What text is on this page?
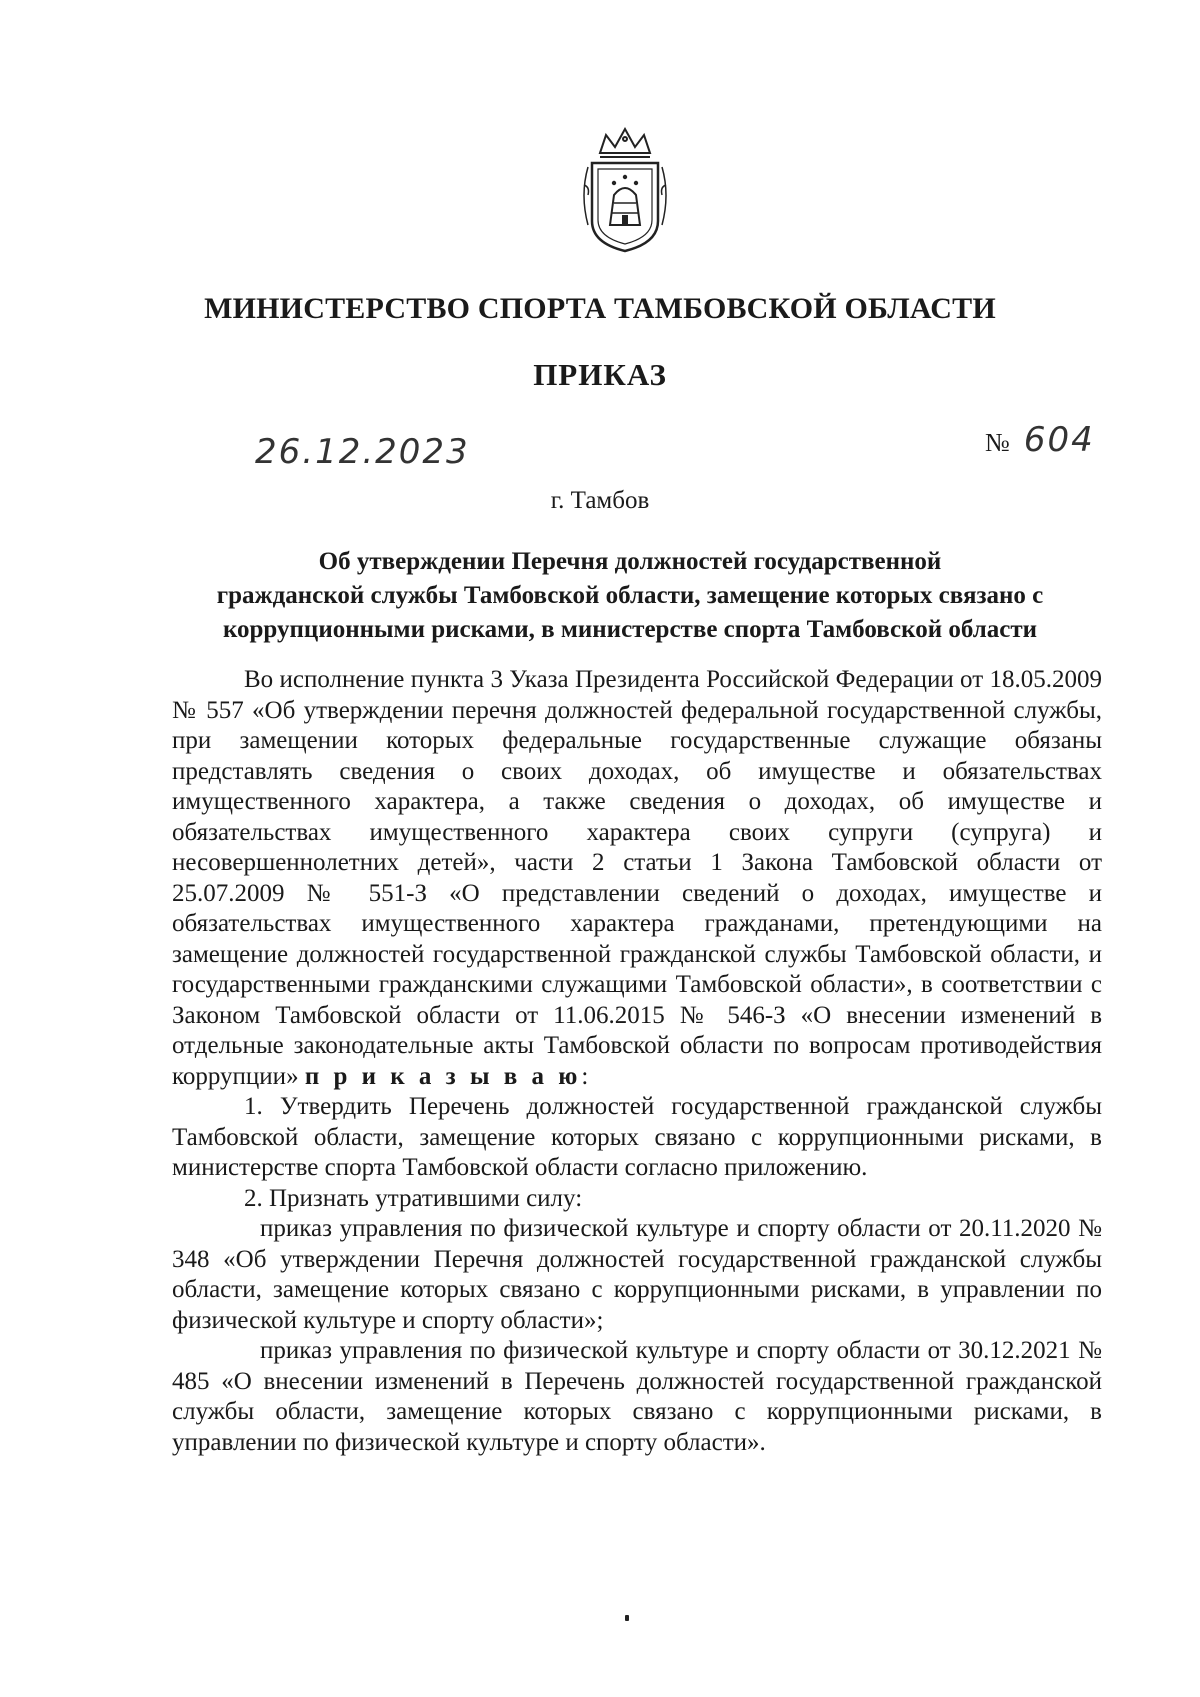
МИНИСТЕРСТВО СПОРТА ТАМБОВСКОЙ ОБЛАСТИ
ПРИКАЗ
26.12.2023	№ 604
г. Тамбов
Об утверждении Перечня должностей государственной
гражданской службы Тамбовской области, замещение которых связано с
коррупционными рисками, в министерстве спорта Тамбовской области

Во исполнение пункта 3 Указа Президента Российской Федерации от 18.05.2009 № 557 «Об утверждении перечня должностей федеральной государственной службы, при замещении которых федеральные государственные служащие обязаны представлять сведения о своих доходах, об имуществе и обязательствах имущественного характера, а также сведения о доходах, об имуществе и обязательствах имущественного характера своих супруги (супруга) и несовершеннолетних детей», части 2 статьи 1 Закона Тамбовской области от 25.07.2009 № 551-З «О представлении сведений о доходах, имуществе и обязательствах имущественного характера гражданами, претендующими на замещение должностей государственной гражданской службы Тамбовской области, и государственными гражданскими служащими Тамбовской области», в соответствии с Законом Тамбовской области от 11.06.2015 № 546-З «О внесении изменений в отдельные законодательные акты Тамбовской области по вопросам противодействия коррупции» п р и к а з ы в а ю:

1. Утвердить Перечень должностей государственной гражданской службы Тамбовской области, замещение которых связано с коррупционными рисками, в министерстве спорта Тамбовской области согласно приложению.

2. Признать утратившими силу:

приказ управления по физической культуре и спорту области от 20.11.2020 № 348 «Об утверждении Перечня должностей государственной гражданской службы области, замещение которых связано с коррупционными рисками, в управлении по физической культуре и спорту области»;

приказ управления по физической культуре и спорту области от 30.12.2021 № 485 «О внесении изменений в Перечень должностей государственной гражданской службы области, замещение которых связано с коррупционными рисками, в управлении по физической культуре и спорту области».
